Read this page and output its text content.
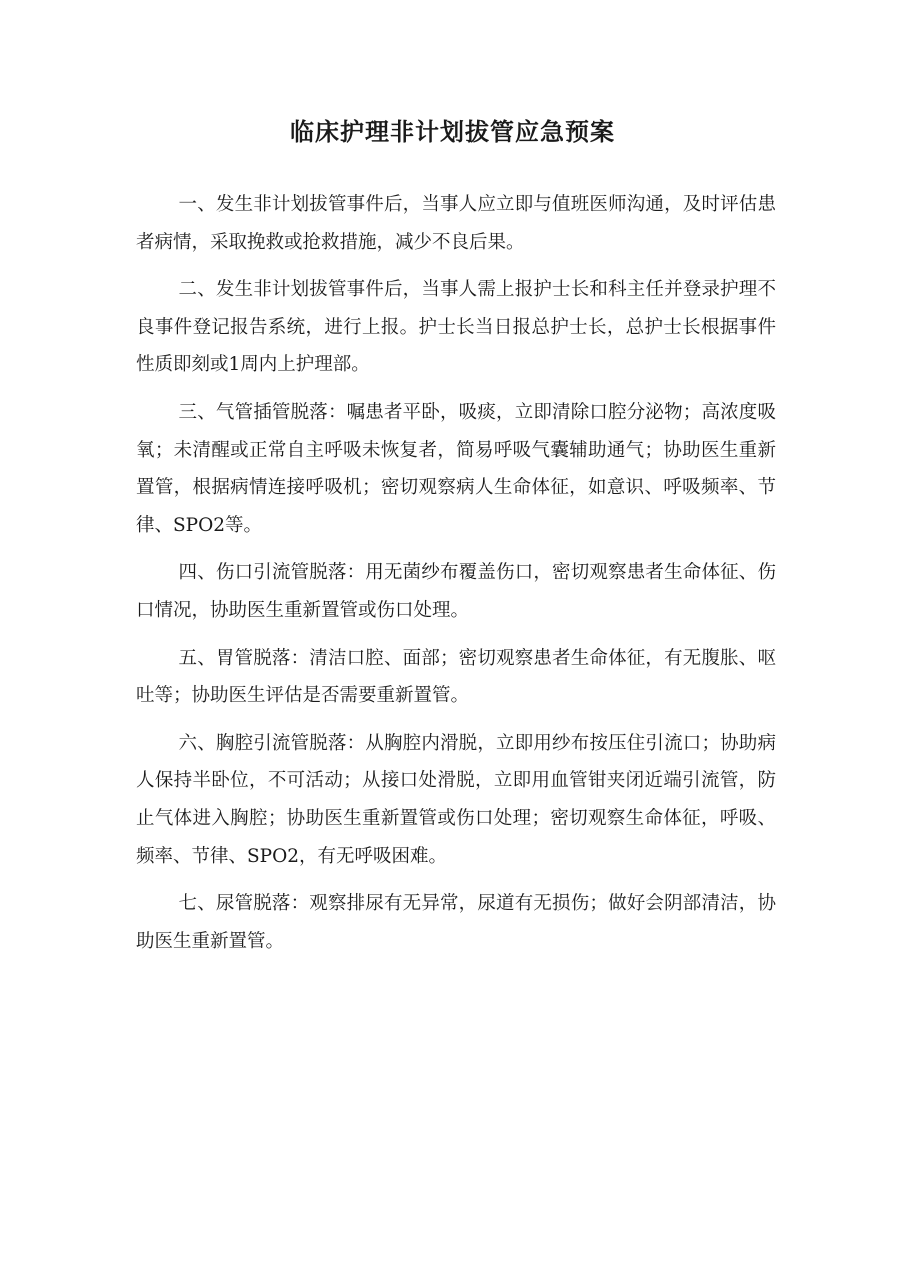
临床护理非计划拔管应急预案

一、发生非计划拔管事件后，当事人应立即与值班医师沟通，及时评估患者病情，采取挽救或抢救措施，减少不良后果。

二、发生非计划拔管事件后，当事人需上报护士长和科主任并登录护理不良事件登记报告系统，进行上报。护士长当日报总护士长，总护士长根据事件性质即刻或1周内上护理部。

三、气管插管脱落：嘱患者平卧，吸痰，立即清除口腔分泌物；高浓度吸氧；未清醒或正常自主呼吸未恢复者，简易呼吸气囊辅助通气；协助医生重新置管，根据病情连接呼吸机；密切观察病人生命体征，如意识、呼吸频率、节律、SPO2等。

四、伤口引流管脱落：用无菌纱布覆盖伤口，密切观察患者生命体征、伤口情况，协助医生重新置管或伤口处理。

五、胃管脱落：清洁口腔、面部；密切观察患者生命体征，有无腹胀、呕吐等；协助医生评估是否需要重新置管。

六、胸腔引流管脱落：从胸腔内滑脱，立即用纱布按压住引流口；协助病人保持半卧位，不可活动；从接口处滑脱，立即用血管钳夹闭近端引流管，防止气体进入胸腔；协助医生重新置管或伤口处理；密切观察生命体征，呼吸、频率、节律、SPO2，有无呼吸困难。

七、尿管脱落：观察排尿有无异常，尿道有无损伤；做好会阴部清洁，协助医生重新置管。
